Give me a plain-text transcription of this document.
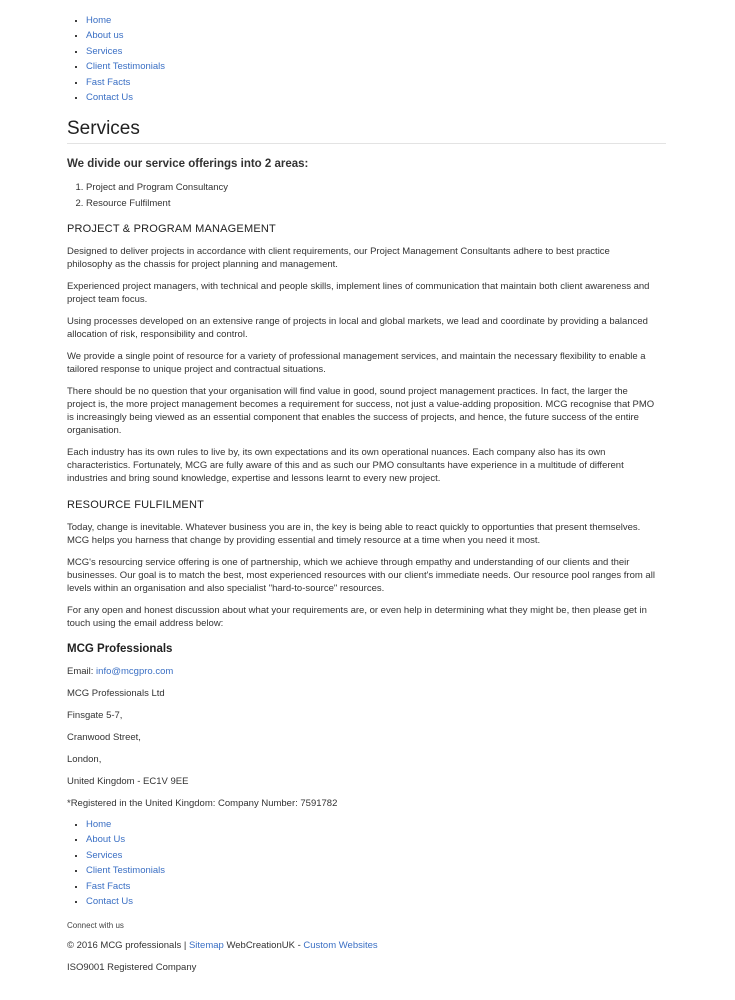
• Home
• About us
• Services
• Client Testimonials
• Fast Facts
• Contact Us
Services
We divide our service offerings into 2 areas:
1. Project and Program Consultancy
2. Resource Fulfilment
PROJECT & PROGRAM MANAGEMENT

Designed to deliver projects in accordance with client requirements, our Project Management Consultants adhere to best practice philosophy as the chassis for project planning and management.

Experienced project managers, with technical and people skills, implement lines of communication that maintain both client awareness and project team focus.

Using processes developed on an extensive range of projects in local and global markets, we lead and coordinate by providing a balanced allocation of risk, responsibility and control.

We provide a single point of resource for a variety of professional management services, and maintain the necessary flexibility to enable a tailored response to unique project and contractual situations.

There should be no question that your organisation will find value in good, sound project management practices. In fact, the larger the project is, the more project management becomes a requirement for success, not just a value-adding proposition. MCG recognise that PMO is increasingly being viewed as an essential component that enables the success of projects, and hence, the future success of the entire organisation.

Each industry has its own rules to live by, its own expectations and its own operational nuances. Each company also has its own characteristics. Fortunately, MCG are fully aware of this and as such our PMO consultants have experience in a multitude of different industries and bring sound knowledge, expertise and lessons learnt to every new project.

RESOURCE FULFILMENT

Today, change is inevitable. Whatever business you are in, the key is being able to react quickly to opportunties that present themselves. MCG helps you harness that change by providing essential and timely resource at a time when you need it most.

MCG's resourcing service offering is one of partnership, which we achieve through empathy and understanding of our clients and their businesses. Our goal is to match the best, most experienced resources with our client's immediate needs. Our resource pool ranges from all levels within an organisation and also specialist "hard-to-source" resources.

For any open and honest discussion about what your requirements are, or even help in determining what they might be, then please get in touch using the email address below:

MCG Professionals
Email: info@mcgpro.com
MCG Professionals Ltd
Finsgate 5-7,
Cranwood Street,
London,
United Kingdom - EC1V 9EE
*Registered in the United Kingdom: Company Number: 7591782
• Home
• About Us
• Services
• Client Testimonials
• Fast Facts
• Contact Us
Connect with us
© 2016 MCG professionals | Sitemap WebCreationUK - Custom Websites
ISO9001 Registered Company
